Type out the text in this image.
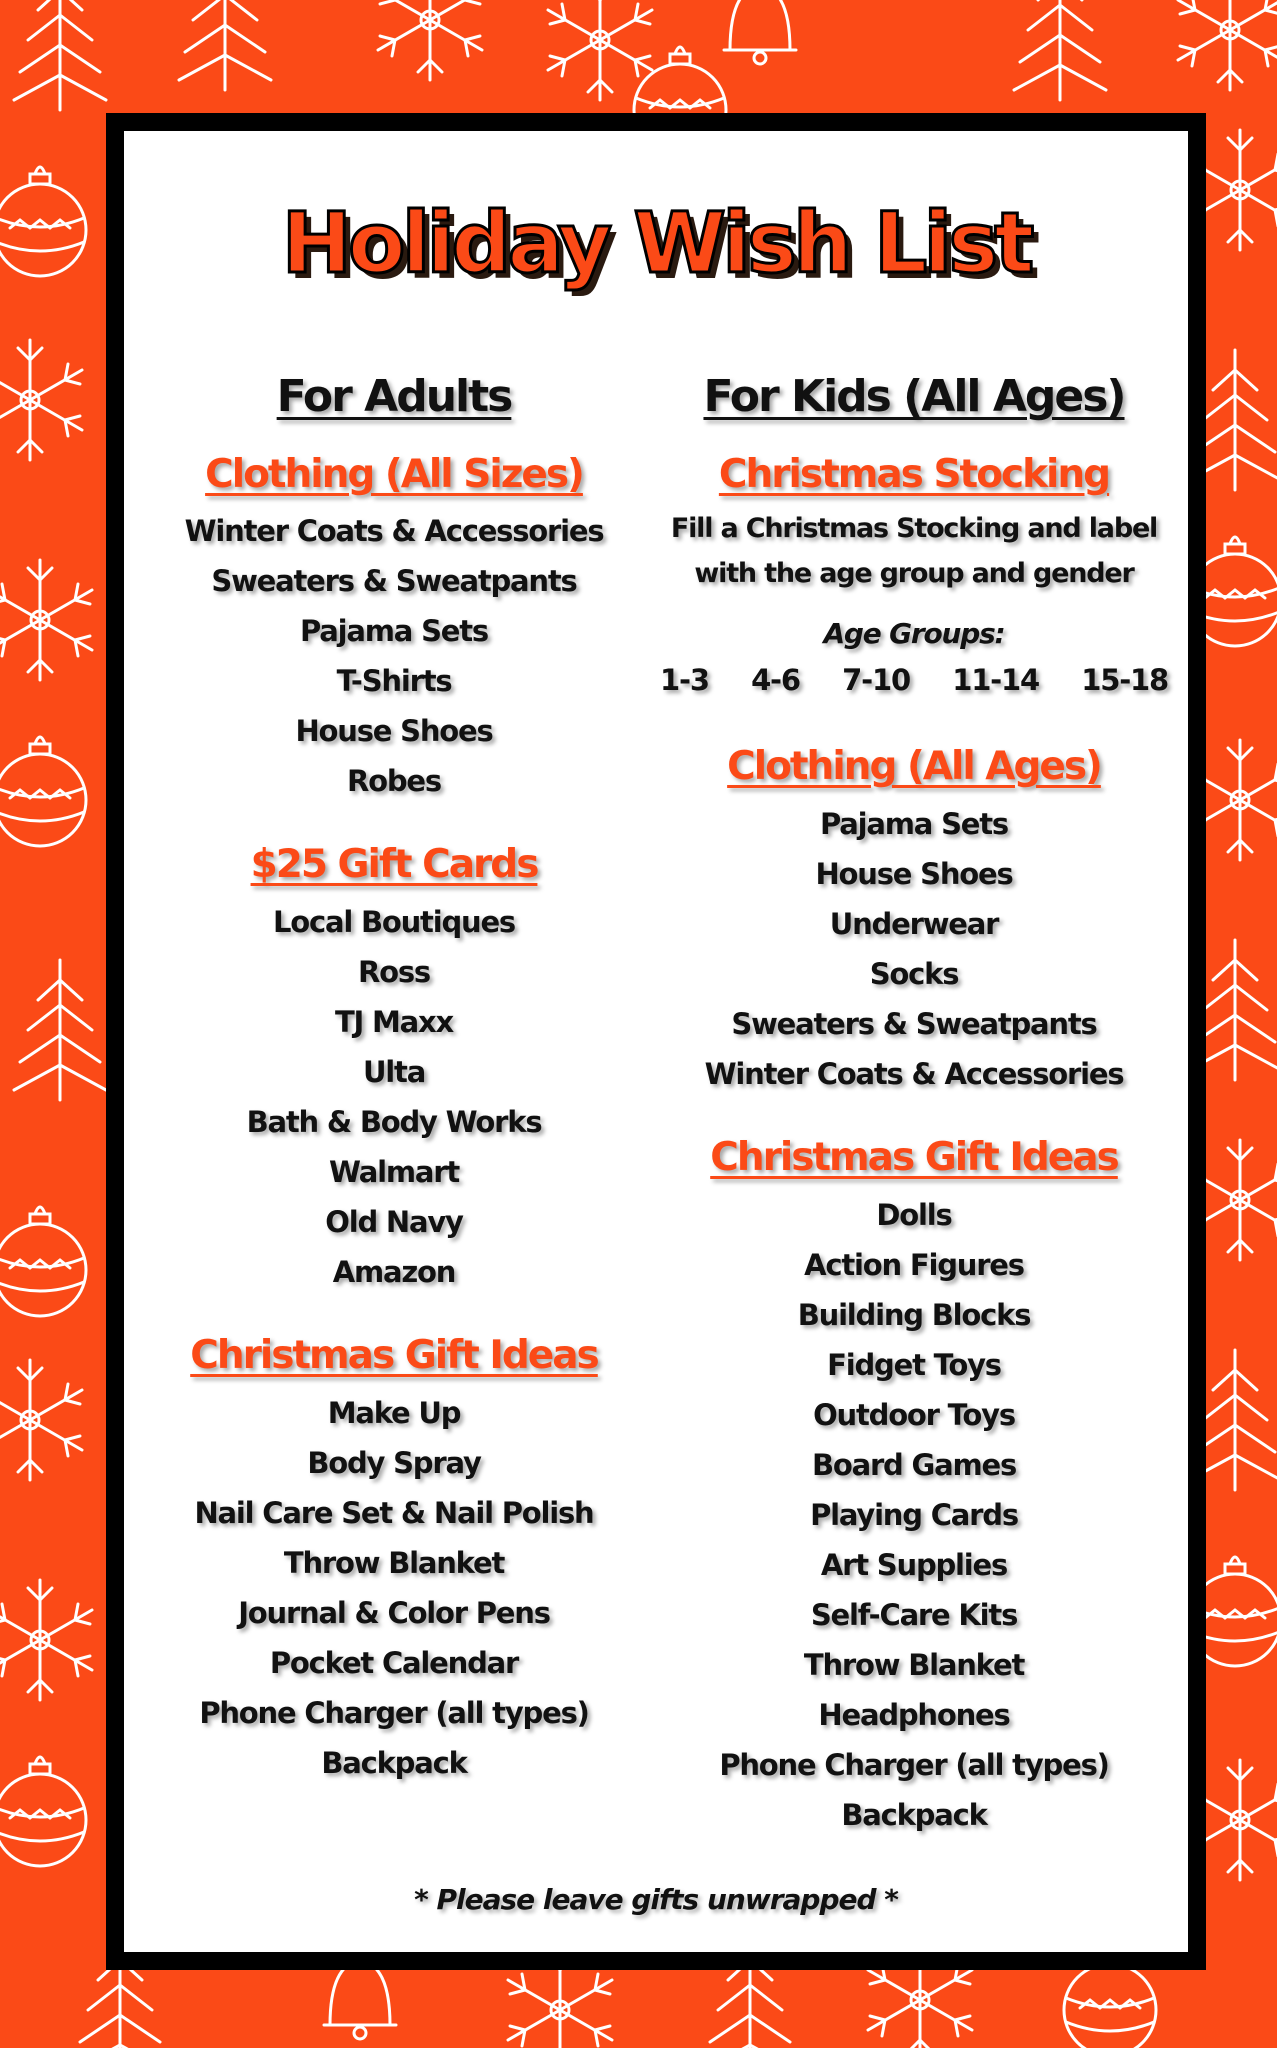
Holiday Wish List
For Adults
Clothing (All Sizes)
Winter Coats & Accessories
Sweaters & Sweatpants
Pajama Sets
T-Shirts
House Shoes
Robes
$25 Gift Cards
Local Boutiques
Ross
TJ Maxx
Ulta
Bath & Body Works
Walmart
Old Navy
Amazon
Christmas Gift Ideas
Make Up
Body Spray
Nail Care Set & Nail Polish
Throw Blanket
Journal & Color Pens
Pocket Calendar
Phone Charger (all types)
Backpack
For Kids (All Ages)
Christmas Stocking
Fill a Christmas Stocking and label
with the age group and gender

Age Groups:

1-3 4-6 7-10 11-14 15-18
Clothing (All Ages)
Pajama Sets
House Shoes
Underwear
Socks
Sweaters & Sweatpants
Winter Coats & Accessories
Christmas Gift Ideas
Dolls
Action Figures
Building Blocks
Fidget Toys
Outdoor Toys
Board Games
Playing Cards
Art Supplies
Self-Care Kits
Throw Blanket
Headphones
Phone Charger (all types)
Backpack
* Please leave gifts unwrapped *
